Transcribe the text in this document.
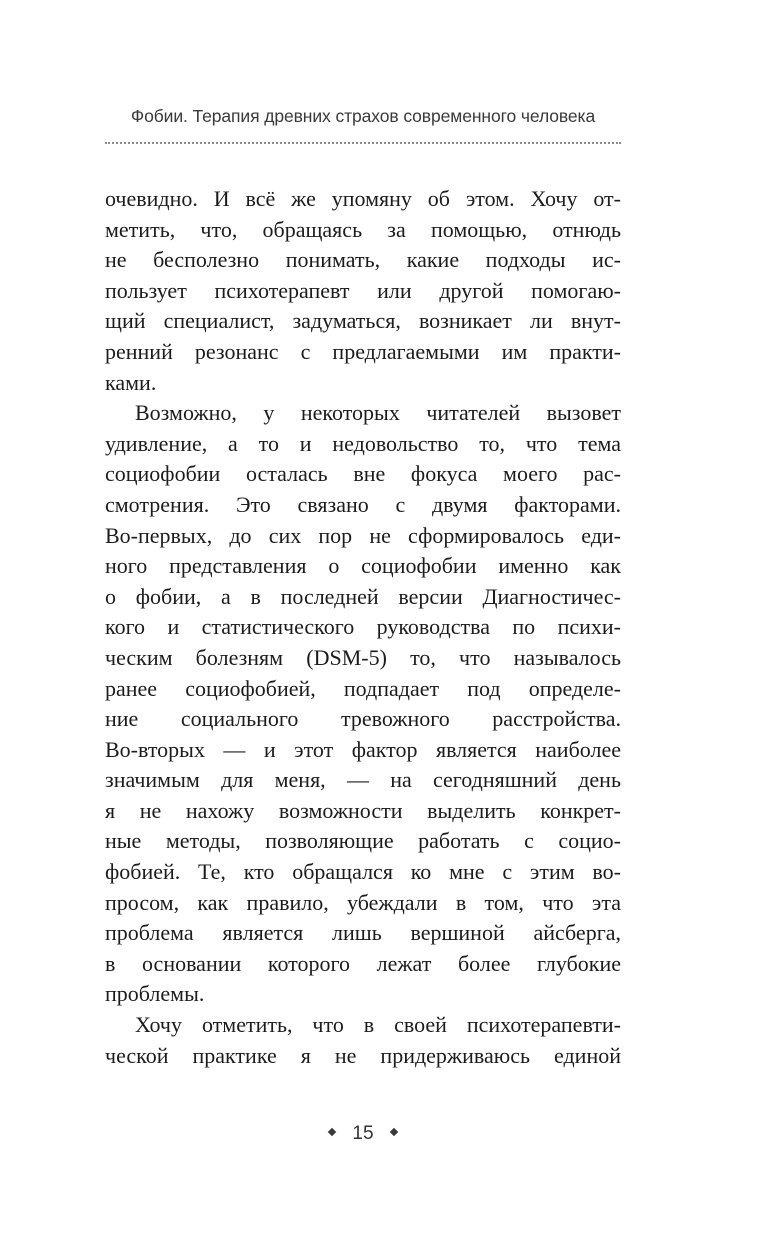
Фобии. Терапия древних страхов современного человека
очевидно. И всё же упомяну об этом. Хочу от-
метить, что, обращаясь за помощью, отнюдь
не бесполезно понимать, какие подходы ис-
пользует психотерапевт или другой помогаю-
щий специалист, задуматься, возникает ли внут-
ренний резонанс с предлагаемыми им практи-
ками.
Возможно, у некоторых читателей вызовет
удивление, а то и недовольство то, что тема
социофобии осталась вне фокуса моего рас-
смотрения. Это связано с двумя факторами.
Во-первых, до сих пор не сформировалось еди-
ного представления о социофобии именно как
о фобии, а в последней версии Диагностичес-
кого и статистического руководства по психи-
ческим болезням (DSM-5) то, что называлось
ранее социофобией, подпадает под определе-
ние социального тревожного расстройства.
Во-вторых — и этот фактор является наиболее
значимым для меня, — на сегодняшний день
я не нахожу возможности выделить конкрет-
ные методы, позволяющие работать с социо-
фобией. Те, кто обращался ко мне с этим во-
просом, как правило, убеждали в том, что эта
проблема является лишь вершиной айсберга,
в основании которого лежат более глубокие
проблемы.
Хочу отметить, что в своей психотерапевти-
ческой практике я не придерживаюсь единой
15
